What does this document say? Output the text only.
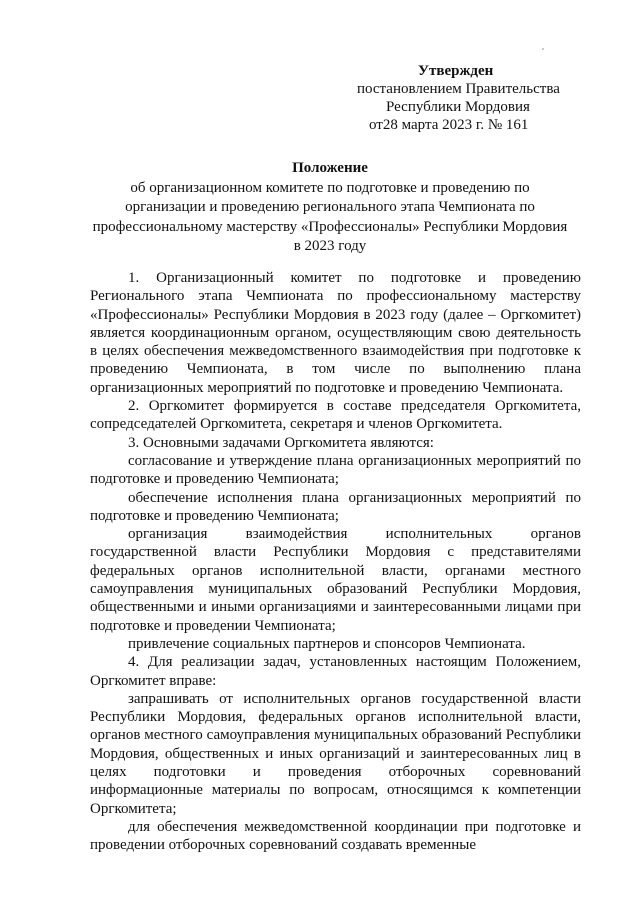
Утвержден
постановлением Правительства
Республики Мордовия
от28 марта 2023 г. № 161
Положение
об организационном комитете по подготовке и проведению по
организации и проведению регионального этапа Чемпионата по
профессиональному мастерству «Профессионалы» Республики Мордовия
в 2023 году

1. Организационный комитет по подготовке и проведению Регионального этапа Чемпионата по профессиональному мастерству «Профессионалы» Республики Мордовия в 2023 году (далее – Оргкомитет) является координационным органом, осуществляющим свою деятельность в целях обеспечения межведомственного взаимодействия при подготовке к проведению Чемпионата, в том числе по выполнению плана организационных мероприятий по подготовке и проведению Чемпионата.

2. Оргкомитет формируется в составе председателя Оргкомитета, сопредседателей Оргкомитета, секретаря и членов Оргкомитета.

3. Основными задачами Оргкомитета являются:

согласование и утверждение плана организационных мероприятий по подготовке и проведению Чемпионата;

обеспечение исполнения плана организационных мероприятий по подготовке и проведению Чемпионата;

организация взаимодействия исполнительных органов государственной власти Республики Мордовия с представителями федеральных органов исполнительной власти, органами местного самоуправления муниципальных образований Республики Мордовия, общественными и иными организациями и заинтересованными лицами при подготовке и проведении Чемпионата;

привлечение социальных партнеров и спонсоров Чемпионата.

4. Для реализации задач, установленных настоящим Положением, Оргкомитет вправе:

запрашивать от исполнительных органов государственной власти Республики Мордовия, федеральных органов исполнительной власти, органов местного самоуправления муниципальных образований Республики Мордовия, общественных и иных организаций и заинтересованных лиц в целях подготовки и проведения отборочных соревнований информационные материалы по вопросам, относящимся к компетенции Оргкомитета;

для обеспечения межведомственной координации при подготовке и проведении отборочных соревнований создавать временные
